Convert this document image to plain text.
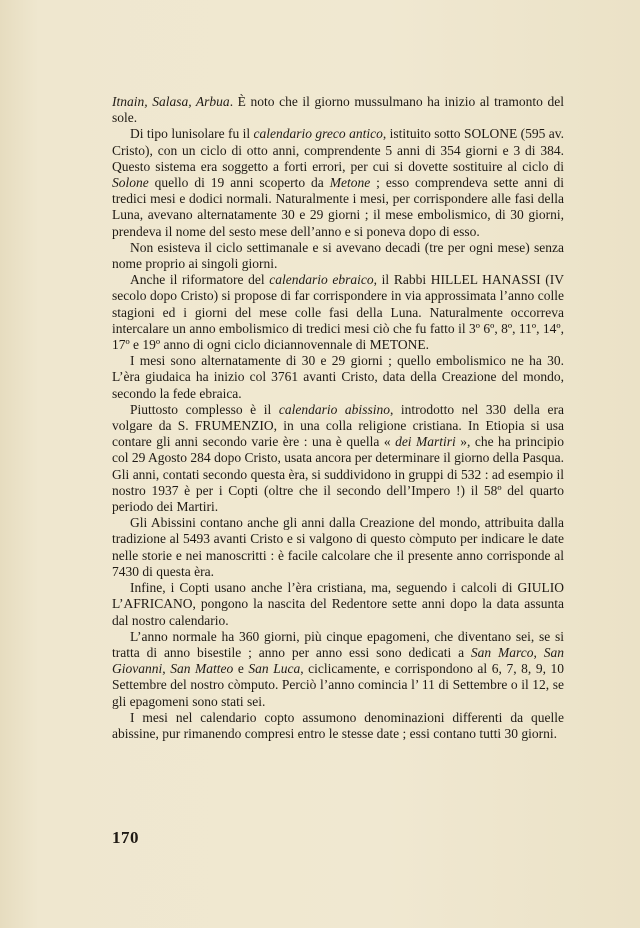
Itnain, Salasa, Arbua. È noto che il giorno mussulmano ha inizio al tramonto del sole.

Di tipo lunisolare fu il calendario greco antico, istituito sotto SOLONE (595 av. Cristo), con un ciclo di otto anni, comprendente 5 anni di 354 giorni e 3 di 384. Questo sistema era soggetto a forti errori, per cui si dovette sostituire al ciclo di Solone quello di 19 anni scoperto da Metone ; esso comprendeva sette anni di tredici mesi e dodici normali. Naturalmente i mesi, per corrispondere alle fasi della Luna, avevano alternatamente 30 e 29 giorni ; il mese embolismico, di 30 giorni, prendeva il nome del sesto mese dell’anno e si poneva dopo di esso.

Non esisteva il ciclo settimanale e si avevano decadi (tre per ogni mese) senza nome proprio ai singoli giorni.

Anche il riformatore del calendario ebraico, il Rabbi HILLEL HANASSI (IV secolo dopo Cristo) si propose di far corrispondere in via approssimata l’anno colle stagioni ed i giorni del mese colle fasi della Luna. Naturalmente occorreva intercalare un anno embolismico di tredici mesi ciò che fu fatto il 3º 6º, 8º, 11º, 14º, 17º e 19º anno di ogni ciclo diciannovennale di METONE.

I mesi sono alternatamente di 30 e 29 giorni ; quello embolismico ne ha 30. L’èra giudaica ha inizio col 3761 avanti Cristo, data della Creazione del mondo, secondo la fede ebraica.

Piuttosto complesso è il calendario abissino, introdotto nel 330 della era volgare da S. FRUMENZIO, in una colla religione cristiana. In Etiopia si usa contare gli anni secondo varie ère : una è quella « dei Martiri », che ha principio col 29 Agosto 284 dopo Cristo, usata ancora per determinare il giorno della Pasqua. Gli anni, contati secondo questa èra, si suddividono in gruppi di 532 : ad esempio il nostro 1937 è per i Copti (oltre che il secondo dell’Impero !) il 58º del quarto periodo dei Martiri.

Gli Abissini contano anche gli anni dalla Creazione del mondo, attribuita dalla tradizione al 5493 avanti Cristo e si valgono di questo còmputo per indicare le date nelle storie e nei manoscritti : è facile calcolare che il presente anno corrisponde al 7430 di questa èra.

Infine, i Copti usano anche l’èra cristiana, ma, seguendo i calcoli di GIULIO L’AFRICANO, pongono la nascita del Redentore sette anni dopo la data assunta dal nostro calendario.

L’anno normale ha 360 giorni, più cinque epagomeni, che diventano sei, se si tratta di anno bisestile ; anno per anno essi sono dedicati a San Marco, San Giovanni, San Matteo e San Luca, ciclicamente, e corrispondono al 6, 7, 8, 9, 10 Settembre del nostro còmputo. Perciò l’anno comincia l’ 11 di Settembre o il 12, se gli epagomeni sono stati sei.

I mesi nel calendario copto assumono denominazioni differenti da quelle abissine, pur rimanendo compresi entro le stesse date ; essi contano tutti 30 giorni.

170
